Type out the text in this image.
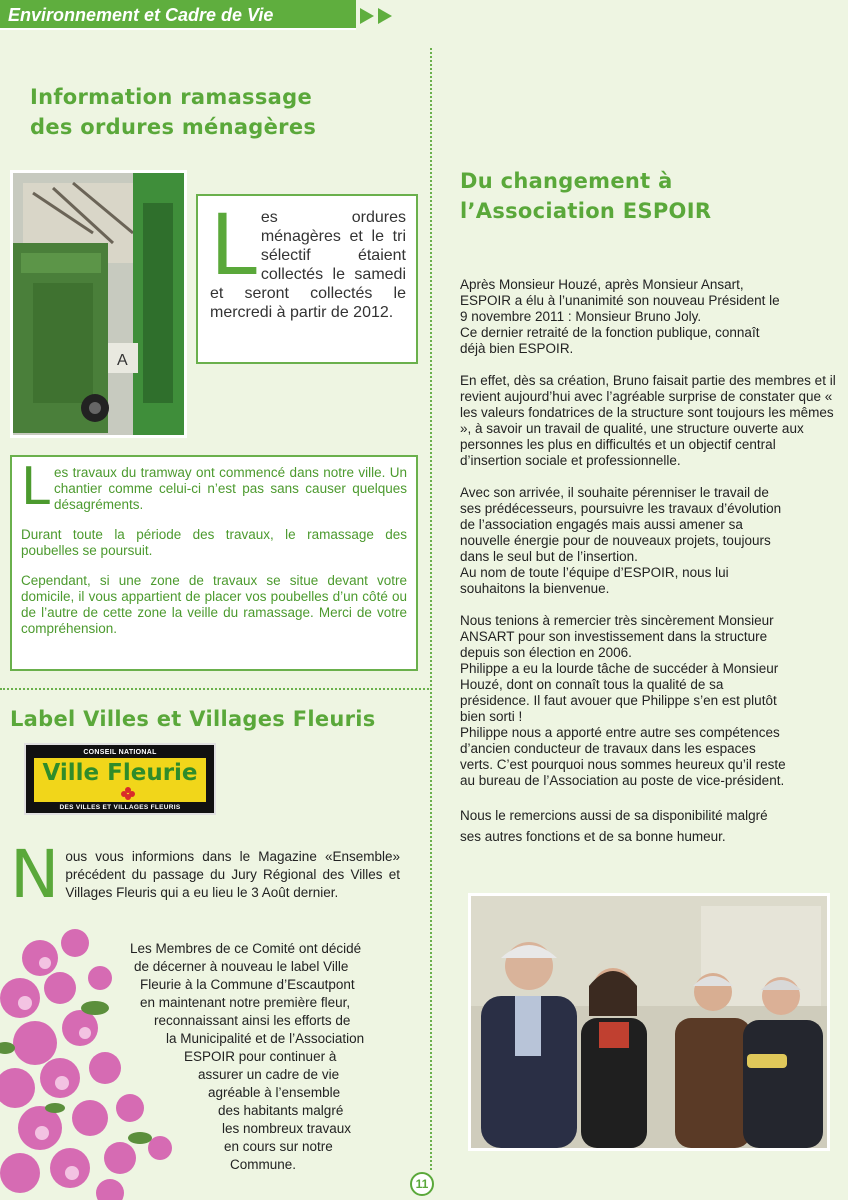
Environnement et Cadre de Vie
Information ramassage
des ordures ménagères
A
L es ordures ménagères et le tri sélectif étaient collectés le samedi et seront collectés le mercredi à partir de 2012.

L es travaux du tramway ont commencé dans notre ville. Un chantier comme celui-ci n’est pas sans causer quelques désagréments.

Durant toute la période des travaux, le ramassage des poubelles se poursuit.

Cependant, si une zone de travaux se situe devant votre domicile, il vous appartient de placer vos poubelles d’un côté ou de l’autre de cette zone la veille du ramassage. Merci de votre compréhension.

Label Villes et Villages Fleuris
CONSEIL NATIONAL
Ville Fleurie
DES VILLES ET VILLAGES FLEURIS
N ous vous informions dans le Magazine «Ensemble» précédent du passage du Jury Régional des Villes et Villages Fleuris qui a eu lieu le 3 Août dernier.
Les Membres de ce Comité ont décidé
de décerner à nouveau le label Ville
Fleurie à la Commune d’Escautpont
en maintenant notre première fleur,
reconnaissant ainsi les efforts de
la Municipalité et de l’Association
ESPOIR pour continuer à
assurer un cadre de vie
agréable à l’ensemble
des habitants malgré
les nombreux travaux
en cours sur notre
Commune.
Du changement à
l’Association ESPOIR

Après Monsieur Houzé, après Monsieur Ansart,

ESPOIR a élu à l’unanimité son nouveau Président le

9 novembre 2011 : Monsieur Bruno Joly.

Ce dernier retraité de la fonction publique, connaît

déjà bien ESPOIR.

En effet, dès sa création, Bruno faisait partie des membres et il revient aujourd’hui avec l’agréable surprise de constater que « les valeurs fondatrices de la structure sont toujours les mêmes », à savoir un travail de qualité, une structure ouverte aux personnes les plus en difficultés et un objectif central d’insertion sociale et professionnelle.

Avec son arrivée, il souhaite pérenniser le travail de

ses prédécesseurs, poursuivre les travaux d’évolution

de l’association engagés mais aussi amener sa

nouvelle énergie pour de nouveaux projets, toujours

dans le seul but de l’insertion.

Au nom de toute l’équipe d’ESPOIR, nous lui

souhaitons la bienvenue.

Nous tenions à remercier très sincèrement Monsieur

ANSART pour son investissement dans la structure

depuis son élection en 2006.

Philippe a eu la lourde tâche de succéder à Monsieur

Houzé, dont on connaît tous la qualité de sa

présidence. Il faut avouer que Philippe s’en est plutôt

bien sorti !

Philippe nous a apporté entre autre ses compétences

d’ancien conducteur de travaux dans les espaces

verts. C’est pourquoi nous sommes heureux qu’il reste

au bureau de l’Association au poste de vice-président.

Nous le remercions aussi de sa disponibilité malgré

ses autres fonctions et de sa bonne humeur.

11
